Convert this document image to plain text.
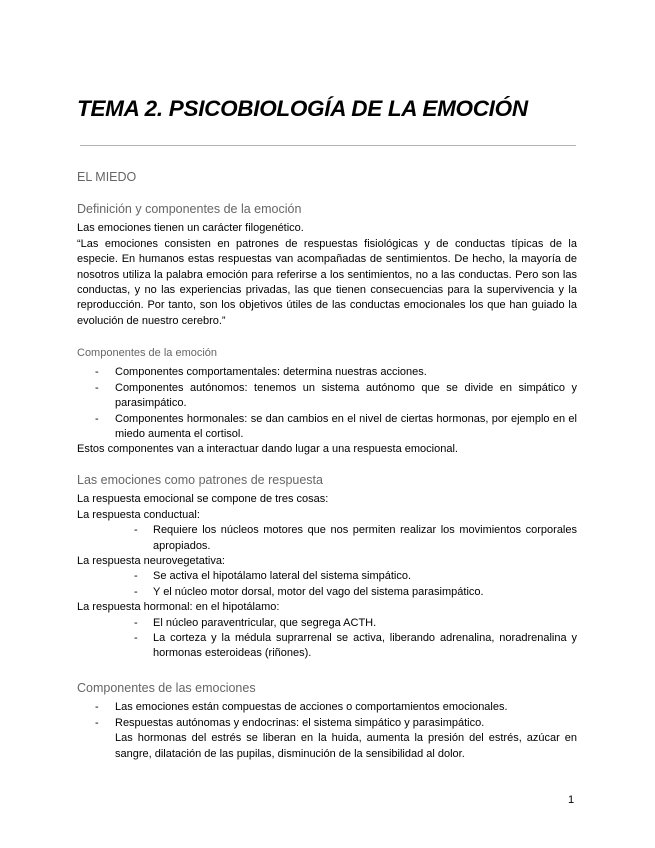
TEMA 2. PSICOBIOLOGÍA DE LA EMOCIÓN
EL MIEDO
Definición y componentes de la emoción

Las emociones tienen un carácter filogenético.

“Las emociones consisten en patrones de respuestas fisiológicas y de conductas típicas de la especie. En humanos estas respuestas van acompañadas de sentimientos. De hecho, la mayoría de nosotros utiliza la palabra emoción para referirse a los sentimientos, no a las conductas. Pero son las conductas, y no las experiencias privadas, las que tienen consecuencias para la supervivencia y la reproducción. Por tanto, son los objetivos útiles de las conductas emocionales los que han guiado la evolución de nuestro cerebro.”

Componentes de la emoción
- Componentes comportamentales: determina nuestras acciones.
- Componentes autónomos: tenemos un sistema autónomo que se divide en simpático y parasimpático.
- Componentes hormonales: se dan cambios en el nivel de ciertas hormonas, por ejemplo en el miedo aumenta el cortisol.

Estos componentes van a interactuar dando lugar a una respuesta emocional.

Las emociones como patrones de respuesta

La respuesta emocional se compone de tres cosas:

La respuesta conductual:

- Requiere los núcleos motores que nos permiten realizar los movimientos corporales apropiados.

La respuesta neurovegetativa:

- Se activa el hipotálamo lateral del sistema simpático.
- Y el núcleo motor dorsal, motor del vago del sistema parasimpático.

La respuesta hormonal: en el hipotálamo:

- El núcleo paraventricular, que segrega ACTH.
- La corteza y la médula suprarrenal se activa, liberando adrenalina, noradrenalina y hormonas esteroideas (riñones).
Componentes de las emociones
- Las emociones están compuestas de acciones o comportamientos emocionales.
- Respuestas autónomas y endocrinas: el sistema simpático y parasimpático.
Las hormonas del estrés se liberan en la huida, aumenta la presión del estrés, azúcar en sangre, dilatación de las pupilas, disminución de la sensibilidad al dolor.
1
